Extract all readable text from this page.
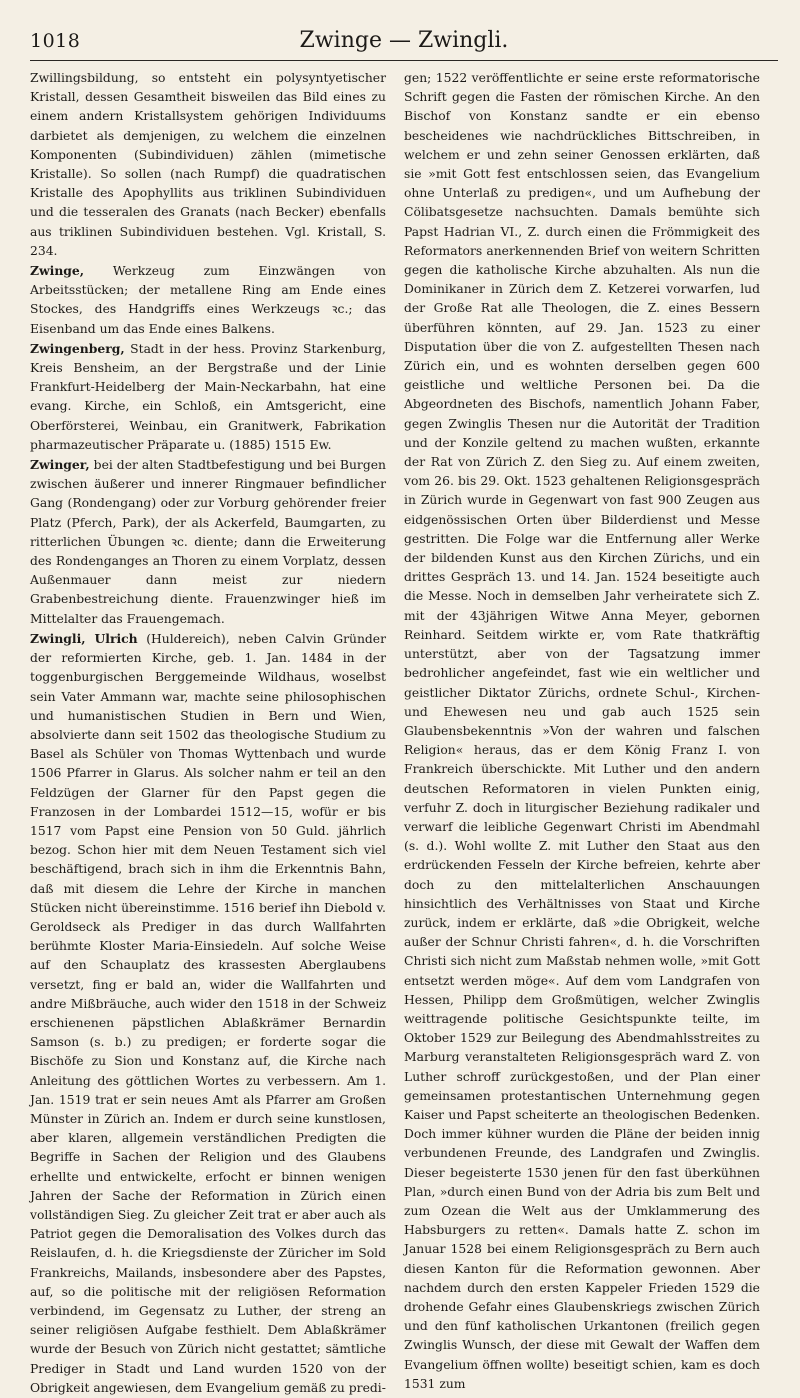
1018	Zwinge — Zwingli.

Zwillingsbildung, so entsteht ein polysyntyetischer Kristall, dessen Gesamtheit bisweilen das Bild eines zu einem andern Kristallsystem gehörigen Individuums darbietet als demjenigen, zu welchem die einzelnen Komponenten (Subindividuen) zählen (mimetische Kristalle). So sollen (nach Rumpf) die quadratischen Kristalle des Apophyllits aus triklinen Subindividuen und die tesseralen des Granats (nach Becker) ebenfalls aus triklinen Subindividuen bestehen. Vgl. Kristall, S. 234.

Zwinge, Werkzeug zum Einzwängen von Arbeitsstücken; der metallene Ring am Ende eines Stockes, des Handgriffs eines Werkzeugs ꝛc.; das Eisenband um das Ende eines Balkens.

Zwingenberg, Stadt in der hess. Provinz Starkenburg, Kreis Bensheim, an der Bergstraße und der Linie Frankfurt-Heidelberg der Main-Neckarbahn, hat eine evang. Kirche, ein Schloß, ein Amtsgericht, eine Oberförsterei, Weinbau, ein Granitwerk, Fabrikation pharmazeutischer Präparate u. (1885) 1515 Ew.

Zwinger, bei der alten Stadtbefestigung und bei Burgen zwischen äußerer und innerer Ringmauer befindlicher Gang (Rondengang) oder zur Vorburg gehörender freier Platz (Pferch, Park), der als Ackerfeld, Baumgarten, zu ritterlichen Übungen ꝛc. diente; dann die Erweiterung des Rondenganges an Thoren zu einem Vorplatz, dessen Außenmauer dann meist zur niedern Grabenbestreichung diente. Frauenzwinger hieß im Mittelalter das Frauengemach.

Zwingli, Ulrich (Huldereich), neben Calvin Gründer der reformierten Kirche, geb. 1. Jan. 1484 in der toggenburgischen Berggemeinde Wildhaus, woselbst sein Vater Ammann war, machte seine philosophischen und humanistischen Studien in Bern und Wien, absolvierte dann seit 1502 das theologische Studium zu Basel als Schüler von Thomas Wyttenbach und wurde 1506 Pfarrer in Glarus. Als solcher nahm er teil an den Feldzügen der Glarner für den Papst gegen die Franzosen in der Lombardei 1512—15, wofür er bis 1517 vom Papst eine Pension von 50 Guld. jährlich bezog. Schon hier mit dem Neuen Testament sich viel beschäftigend, brach sich in ihm die Erkenntnis Bahn, daß mit diesem die Lehre der Kirche in manchen Stücken nicht übereinstimme. 1516 berief ihn Diebold v. Geroldseck als Prediger in das durch Wallfahrten berühmte Kloster Maria-Einsiedeln. Auf solche Weise auf den Schauplatz des krassesten Aberglaubens versetzt, fing er bald an, wider die Wallfahrten und andre Mißbräuche, auch wider den 1518 in der Schweiz erschienenen päpstlichen Ablaßkrämer Bernardin Samson (s. b.) zu predigen; er forderte sogar die Bischöfe zu Sion und Konstanz auf, die Kirche nach Anleitung des göttlichen Wortes zu verbessern. Am 1. Jan. 1519 trat er sein neues Amt als Pfarrer am Großen Münster in Zürich an. Indem er durch seine kunstlosen, aber klaren, allgemein verständlichen Predigten die Begriffe in Sachen der Religion und des Glaubens erhellte und entwickelte, erfocht er binnen wenigen Jahren der Sache der Reformation in Zürich einen vollständigen Sieg. Zu gleicher Zeit trat er aber auch als Patriot gegen die Demoralisation des Volkes durch das Reislaufen, d. h. die Kriegsdienste der Züricher im Sold Frankreichs, Mailands, insbesondere aber des Papstes, auf, so die politische mit der religiösen Reformation verbindend, im Gegensatz zu Luther, der streng an seiner religiösen Aufgabe festhielt. Dem Ablaßkrämer wurde der Besuch von Zürich nicht gestattet; sämtliche Prediger in Stadt und Land wurden 1520 von der Obrigkeit angewiesen, dem Evangelium gemäß zu predi-

gen; 1522 veröffentlichte er seine erste reformatorische Schrift gegen die Fasten der römischen Kirche. An den Bischof von Konstanz sandte er ein ebenso bescheidenes wie nachdrückliches Bittschreiben, in welchem er und zehn seiner Genossen erklärten, daß sie »mit Gott fest entschlossen seien, das Evangelium ohne Unterlaß zu predigen«, und um Aufhebung der Cölibatsgesetze nachsuchten. Damals bemühte sich Papst Hadrian VI., Z. durch einen die Frömmigkeit des Reformators anerkennenden Brief von weitern Schritten gegen die katholische Kirche abzuhalten. Als nun die Dominikaner in Zürich dem Z. Ketzerei vorwarfen, lud der Große Rat alle Theologen, die Z. eines Bessern überführen könnten, auf 29. Jan. 1523 zu einer Disputation über die von Z. aufgestellten Thesen nach Zürich ein, und es wohnten derselben gegen 600 geistliche und weltliche Personen bei. Da die Abgeordneten des Bischofs, namentlich Johann Faber, gegen Zwinglis Thesen nur die Autorität der Tradition und der Konzile geltend zu machen wußten, erkannte der Rat von Zürich Z. den Sieg zu. Auf einem zweiten, vom 26. bis 29. Okt. 1523 gehaltenen Religionsgespräch in Zürich wurde in Gegenwart von fast 900 Zeugen aus eidgenössischen Orten über Bilderdienst und Messe gestritten. Die Folge war die Entfernung aller Werke der bildenden Kunst aus den Kirchen Zürichs, und ein drittes Gespräch 13. und 14. Jan. 1524 beseitigte auch die Messe. Noch in demselben Jahr verheiratete sich Z. mit der 43jährigen Witwe Anna Meyer, gebornen Reinhard. Seitdem wirkte er, vom Rate thatkräftig unterstützt, aber von der Tagsatzung immer bedrohlicher angefeindet, fast wie ein weltlicher und geistlicher Diktator Zürichs, ordnete Schul-, Kirchen- und Ehewesen neu und gab auch 1525 sein Glaubensbekenntnis »Von der wahren und falschen Religion« heraus, das er dem König Franz I. von Frankreich überschickte. Mit Luther und den andern deutschen Reformatoren in vielen Punkten einig, verfuhr Z. doch in liturgischer Beziehung radikaler und verwarf die leibliche Gegenwart Christi im Abendmahl (s. d.). Wohl wollte Z. mit Luther den Staat aus den erdrückenden Fesseln der Kirche befreien, kehrte aber doch zu den mittelalterlichen Anschauungen hinsichtlich des Verhältnisses von Staat und Kirche zurück, indem er erklärte, daß »die Obrigkeit, welche außer der Schnur Christi fahren«, d. h. die Vorschriften Christi sich nicht zum Maßstab nehmen wolle, »mit Gott entsetzt werden möge«. Auf dem vom Landgrafen von Hessen, Philipp dem Großmütigen, welcher Zwinglis weittragende politische Gesichtspunkte teilte, im Oktober 1529 zur Beilegung des Abendmahlsstreites zu Marburg veranstalteten Religionsgespräch ward Z. von Luther schroff zurückgestoßen, und der Plan einer gemeinsamen protestantischen Unternehmung gegen Kaiser und Papst scheiterte an theologischen Bedenken. Doch immer kühner wurden die Pläne der beiden innig verbundenen Freunde, des Landgrafen und Zwinglis. Dieser begeisterte 1530 jenen für den fast überkühnen Plan, »durch einen Bund von der Adria bis zum Belt und zum Ozean die Welt aus der Umklammerung des Habsburgers zu retten«. Damals hatte Z. schon im Januar 1528 bei einem Religionsgespräch zu Bern auch diesen Kanton für die Reformation gewonnen. Aber nachdem durch den ersten Kappeler Frieden 1529 die drohende Gefahr eines Glaubenskriegs zwischen Zürich und den fünf katholischen Urkantonen (freilich gegen Zwinglis Wunsch, der diese mit Gewalt der Waffen dem Evangelium öffnen wollte) beseitigt schien, kam es doch 1531 zum
